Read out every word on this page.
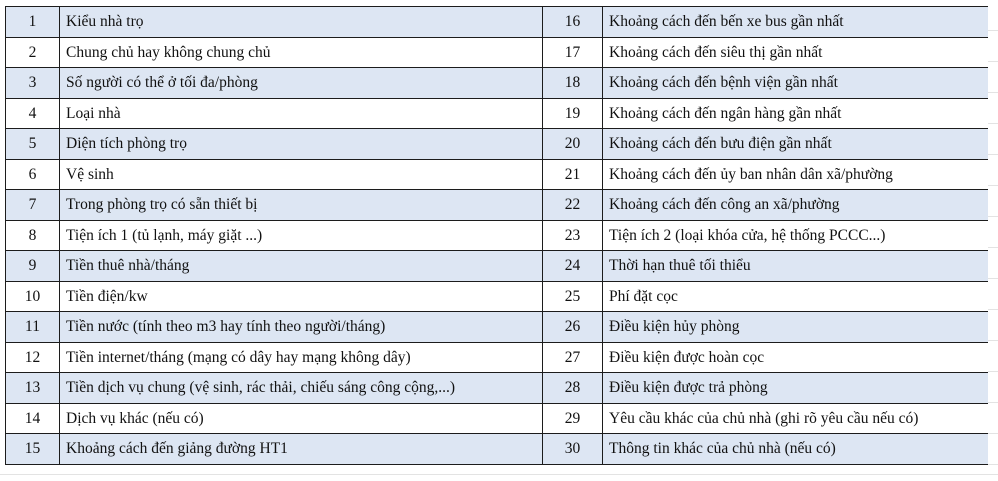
1	Kiểu nhà trọ	16	Khoảng cách đến bến xe bus gần nhất
2	Chung chủ hay không chung chủ	17	Khoảng cách đến siêu thị gần nhất
3	Số người có thể ở tối đa/phòng	18	Khoảng cách đến bệnh viện gần nhất
4	Loại nhà	19	Khoảng cách đến ngân hàng gần nhất
5	Diện tích phòng trọ	20	Khoảng cách đến bưu điện gần nhất
6	Vệ sinh	21	Khoảng cách đến ủy ban nhân dân xã/phường
7	Trong phòng trọ có sẵn thiết bị	22	Khoảng cách đến công an xã/phường
8	Tiện ích 1 (tủ lạnh, máy giặt ...)	23	Tiện ích 2 (loại khóa cửa, hệ thống PCCC...)
9	Tiền thuê nhà/tháng	24	Thời hạn thuê tối thiểu
10	Tiền điện/kw	25	Phí đặt cọc
11	Tiền nước (tính theo m3 hay tính theo người/tháng)	26	Điều kiện hủy phòng
12	Tiền internet/tháng (mạng có dây hay mạng không dây)	27	Điều kiện được hoàn cọc
13	Tiền dịch vụ chung (vệ sinh, rác thải, chiếu sáng công cộng,...)	28	Điều kiện được trả phòng
14	Dịch vụ khác (nếu có)	29	Yêu cầu khác của chủ nhà (ghi rõ yêu cầu nếu có)
15	Khoảng cách đến giảng đường HT1	30	Thông tin khác của chủ nhà (nếu có)
